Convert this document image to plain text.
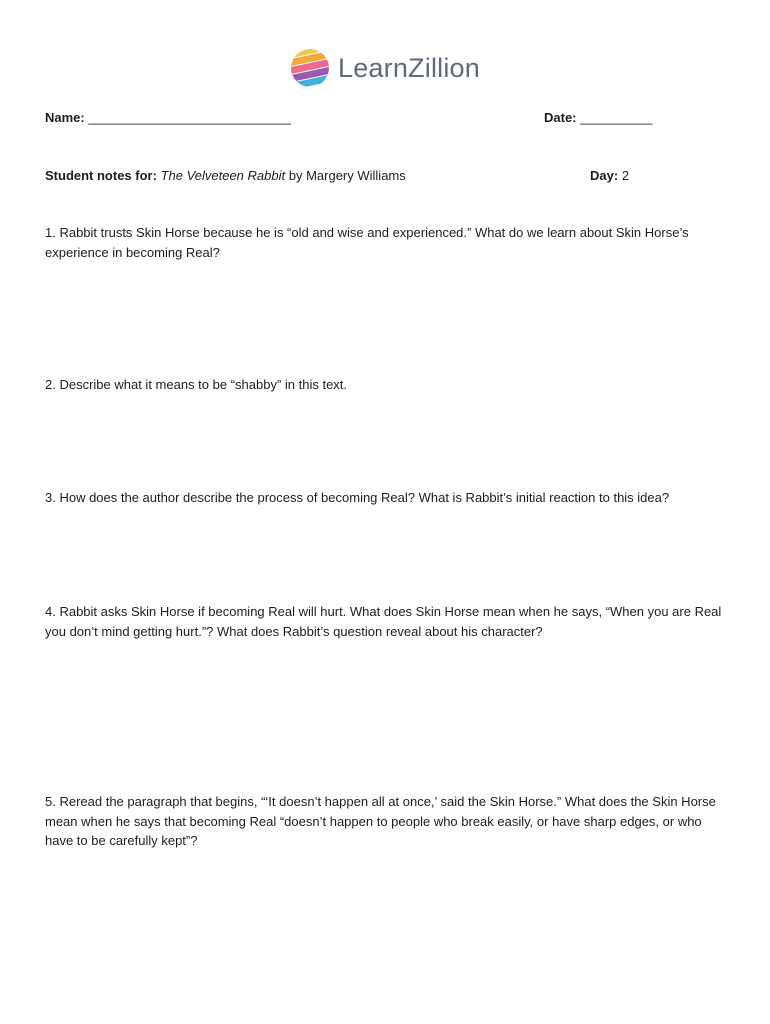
LearnZillion
Name: ____________________________	Date: __________
Student notes for: The Velveteen Rabbit by Margery Williams	Day: 2
1. Rabbit trusts Skin Horse because he is “old and wise and experienced.” What do we learn about Skin Horse’s experience in becoming Real?
2. Describe what it means to be “shabby” in this text.
3. How does the author describe the process of becoming Real? What is Rabbit’s initial reaction to this idea?
4. Rabbit asks Skin Horse if becoming Real will hurt. What does Skin Horse mean when he says, “When you are Real you don’t mind getting hurt.”? What does Rabbit’s question reveal about his character?
5. Reread the paragraph that begins, “‘It doesn’t happen all at once,’ said the Skin Horse.” What does the Skin Horse mean when he says that becoming Real “doesn’t happen to people who break easily, or have sharp edges, or who have to be carefully kept”?
